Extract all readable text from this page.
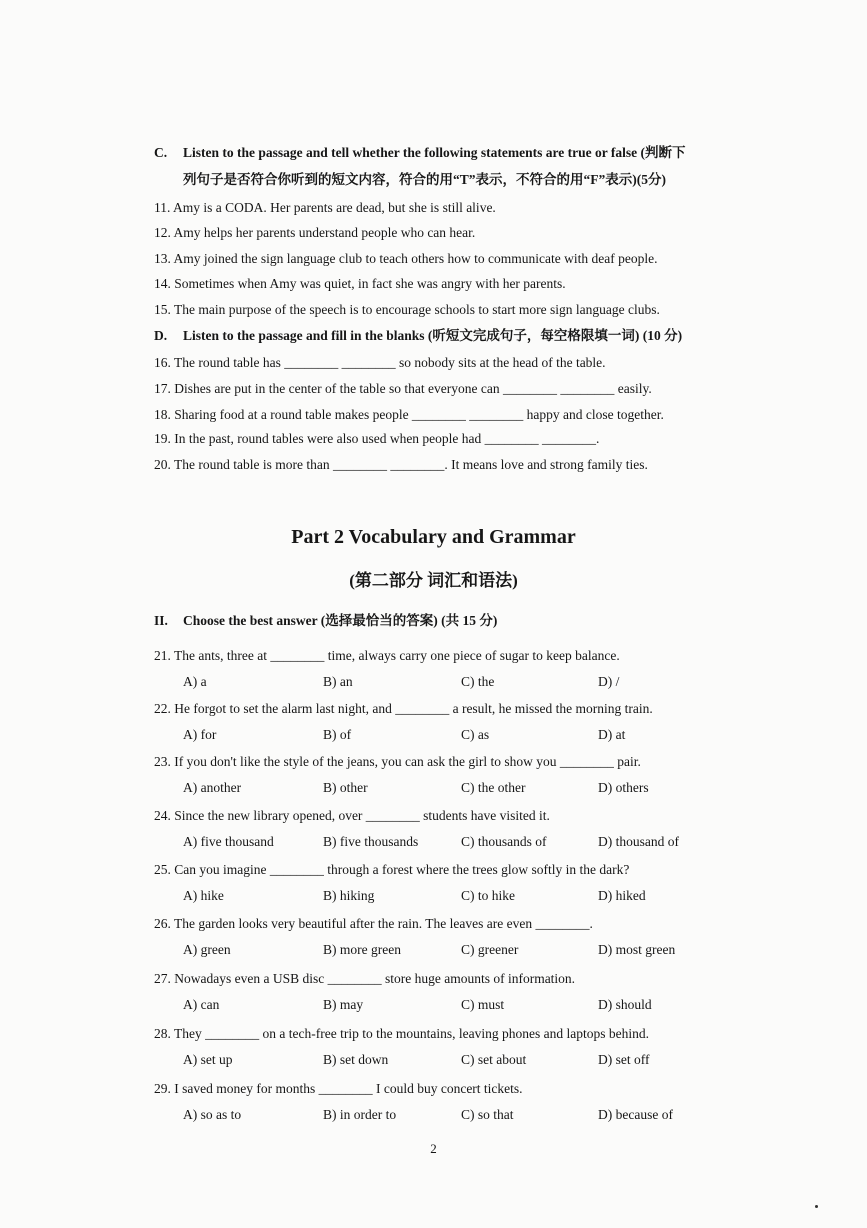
C. Listen to the passage and tell whether the following statements are true or false (判断下
列句子是否符合你听到的短文内容，符合的用“T”表示，不符合的用“F”表示)(5分)
11. Amy is a CODA. Her parents are dead, but she is still alive.
12. Amy helps her parents understand people who can hear.
13. Amy joined the sign language club to teach others how to communicate with deaf people.
14. Sometimes when Amy was quiet, in fact she was angry with her parents.
15. The main purpose of the speech is to encourage schools to start more sign language clubs.
D. Listen to the passage and fill in the blanks (听短文完成句子，每空格限填一词) (10 分)
16. The round table has ________ ________ so nobody sits at the head of the table.
17. Dishes are put in the center of the table so that everyone can ________ ________ easily.
18. Sharing food at a round table makes people ________ ________ happy and close together.
19. In the past, round tables were also used when people had ________ ________.
20. The round table is more than ________ ________. It means love and strong family ties.
Part 2 Vocabulary and Grammar
(第二部分 词汇和语法)
II. Choose the best answer (选择最恰当的答案) (共 15 分)
21. The ants, three at ________ time, always carry one piece of sugar to keep balance.
A) a	B) an	C) the	D) /
22. He forgot to set the alarm last night, and ________ a result, he missed the morning train.
A) for	B) of	C) as	D) at
23. If you don't like the style of the jeans, you can ask the girl to show you ________ pair.
A) another	B) other	C) the other	D) others
24. Since the new library opened, over ________ students have visited it.
A) five thousand	B) five thousands	C) thousands of	D) thousand of
25. Can you imagine ________ through a forest where the trees glow softly in the dark?
A) hike	B) hiking	C) to hike	D) hiked
26. The garden looks very beautiful after the rain. The leaves are even ________.
A) green	B) more green	C) greener	D) most green
27. Nowadays even a USB disc ________ store huge amounts of information.
A) can	B) may	C) must	D) should
28. They ________ on a tech-free trip to the mountains, leaving phones and laptops behind.
A) set up	B) set down	C) set about	D) set off
29. I saved money for months ________ I could buy concert tickets.
A) so as to	B) in order to	C) so that	D) because of
2
